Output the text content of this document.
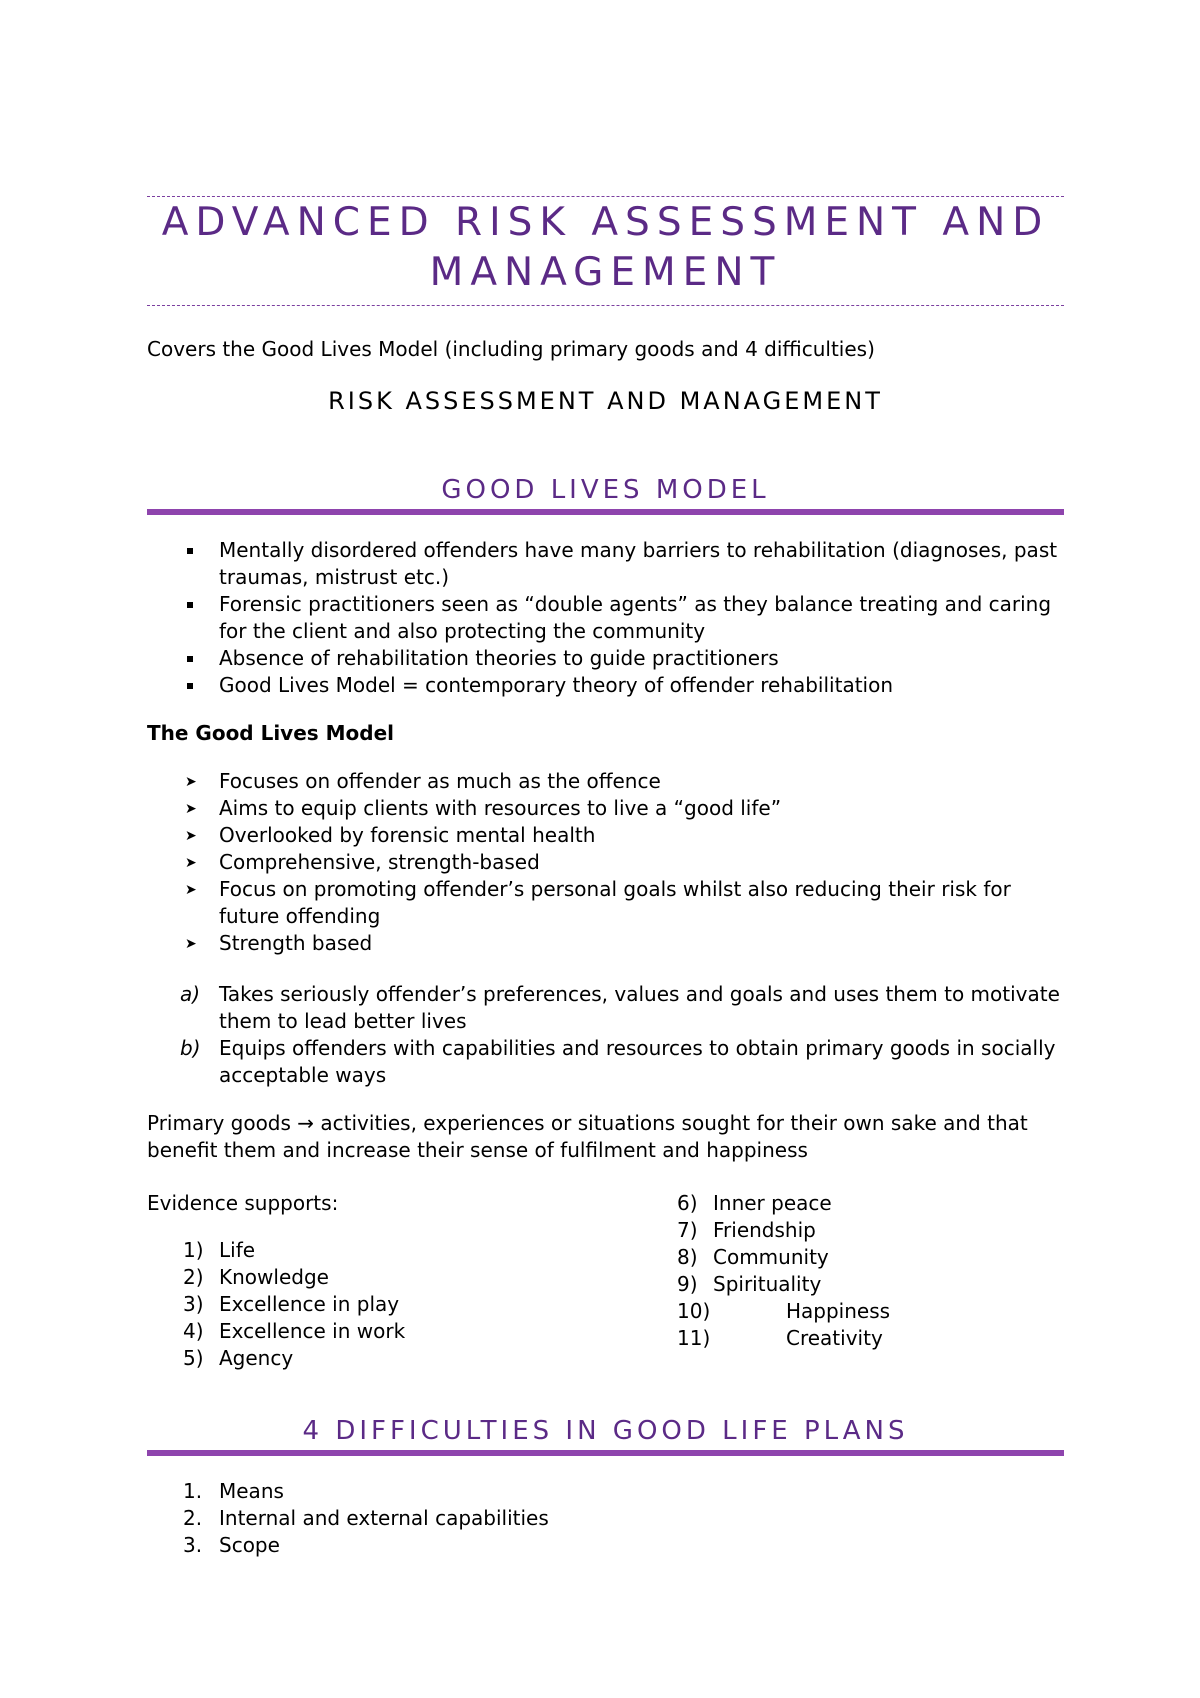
ADVANCED RISK ASSESSMENT AND
MANAGEMENT

Covers the Good Lives Model (including primary goods and 4 difficulties)

RISK ASSESSMENT AND MANAGEMENT
GOOD LIVES MODEL
Mentally disordered offenders have many barriers to rehabilitation (diagnoses, past traumas, mistrust etc.)
Forensic practitioners seen as “double agents” as they balance treating and caring for the client and also protecting the community
Absence of rehabilitation theories to guide practitioners
Good Lives Model = contemporary theory of offender rehabilitation

The Good Lives Model

➤ Focuses on offender as much as the offence
➤ Aims to equip clients with resources to live a “good life”
➤ Overlooked by forensic mental health
➤ Comprehensive, strength-based
➤ Focus on promoting offender’s personal goals whilst also reducing their risk for future offending
➤ Strength based
a) Takes seriously offender’s preferences, values and goals and uses them to motivate them to lead better lives
b) Equips offenders with capabilities and resources to obtain primary goods in socially acceptable ways

Primary goods → activities, experiences or situations sought for their own sake and that benefit them and increase their sense of fulfilment and happiness

Evidence supports:

1) Life
2) Knowledge
3) Excellence in play
4) Excellence in work
5) Agency
6) Inner peace
7) Friendship
8) Community
9) Spirituality
10)	Happiness
11)	Creativity
4 DIFFICULTIES IN GOOD LIFE PLANS
1. Means
2. Internal and external capabilities
3. Scope
